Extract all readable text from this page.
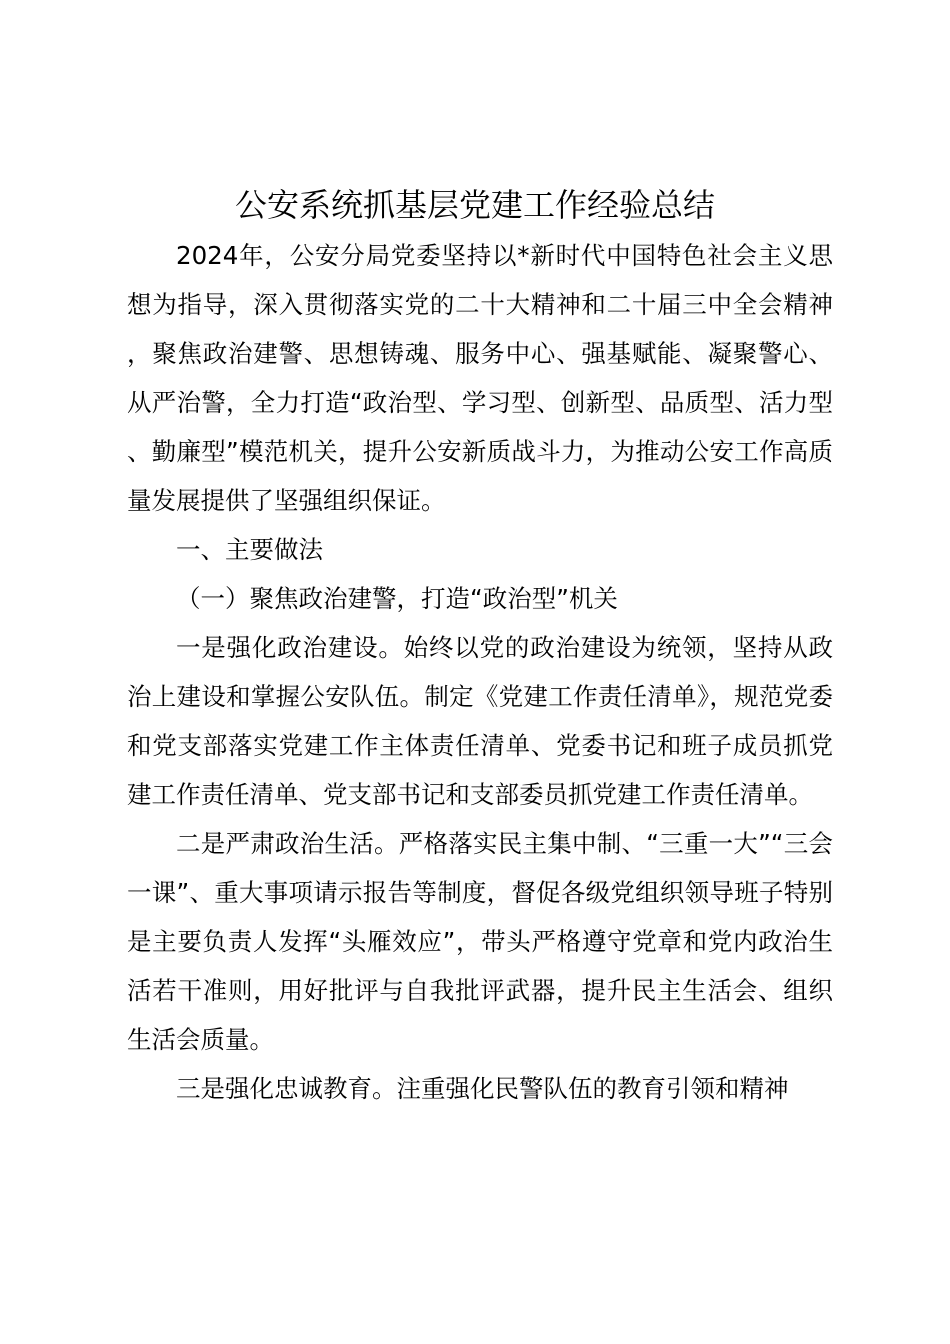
公安系统抓基层党建工作经验总结

2024年，公安分局党委坚持以*新时代中国特色社会主义思想为指导，深入贯彻落实党的二十大精神和二十届三中全会精神，聚焦政治建警、思想铸魂、服务中心、强基赋能、凝聚警心、从严治警，全力打造“政治型、学习型、创新型、品质型、活力型、勤廉型”模范机关，提升公安新质战斗力，为推动公安工作高质量发展提供了坚强组织保证。

一、主要做法

（一）聚焦政治建警，打造“政治型”机关

一是强化政治建设。始终以党的政治建设为统领，坚持从政治上建设和掌握公安队伍。制定《党建工作责任清单》，规范党委和党支部落实党建工作主体责任清单、党委书记和班子成员抓党建工作责任清单、党支部书记和支部委员抓党建工作责任清单。

二是严肃政治生活。严格落实民主集中制、“三重一大”“三会一课”、重大事项请示报告等制度，督促各级党组织领导班子特别是主要负责人发挥“头雁效应”，带头严格遵守党章和党内政治生活若干准则，用好批评与自我批评武器，提升民主生活会、组织生活会质量。

三是强化忠诚教育。注重强化民警队伍的教育引领和精神
